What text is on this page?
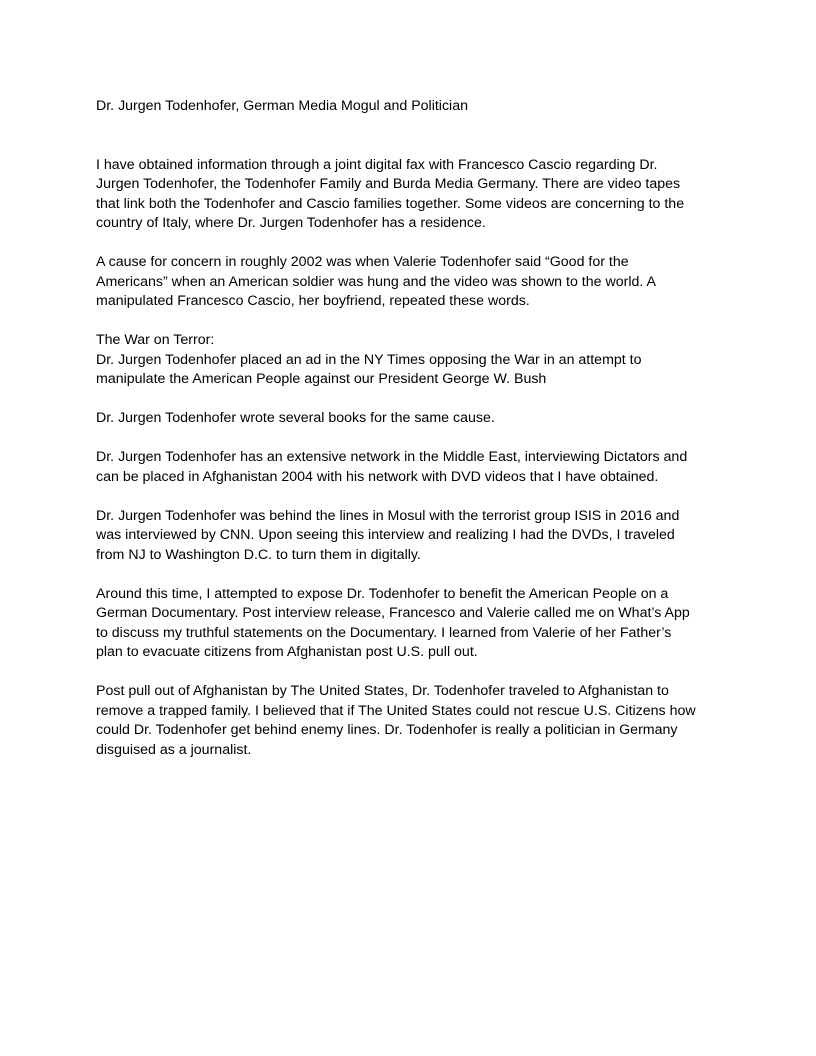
Dr. Jurgen Todenhofer, German Media Mogul and Politician
I have obtained information through a joint digital fax with Francesco Cascio regarding Dr.
Jurgen Todenhofer, the Todenhofer Family and Burda Media Germany. There are video tapes
that link both the Todenhofer and Cascio families together. Some videos are concerning to the
country of Italy, where Dr. Jurgen Todenhofer has a residence.
A cause for concern in roughly 2002 was when Valerie Todenhofer said “Good for the
Americans” when an American soldier was hung and the video was shown to the world. A
manipulated Francesco Cascio, her boyfriend, repeated these words.
The War on Terror:
Dr. Jurgen Todenhofer placed an ad in the NY Times opposing the War in an attempt to
manipulate the American People against our President George W. Bush
Dr. Jurgen Todenhofer wrote several books for the same cause.
Dr. Jurgen Todenhofer has an extensive network in the Middle East, interviewing Dictators and
can be placed in Afghanistan 2004 with his network with DVD videos that I have obtained.
Dr. Jurgen Todenhofer was behind the lines in Mosul with the terrorist group ISIS in 2016 and
was interviewed by CNN. Upon seeing this interview and realizing I had the DVDs, I traveled
from NJ to Washington D.C. to turn them in digitally.
Around this time, I attempted to expose Dr. Todenhofer to benefit the American People on a
German Documentary. Post interview release, Francesco and Valerie called me on What’s App
to discuss my truthful statements on the Documentary. I learned from Valerie of her Father’s
plan to evacuate citizens from Afghanistan post U.S. pull out.
Post pull out of Afghanistan by The United States, Dr. Todenhofer traveled to Afghanistan to
remove a trapped family. I believed that if The United States could not rescue U.S. Citizens how
could Dr. Todenhofer get behind enemy lines. Dr. Todenhofer is really a politician in Germany
disguised as a journalist.
